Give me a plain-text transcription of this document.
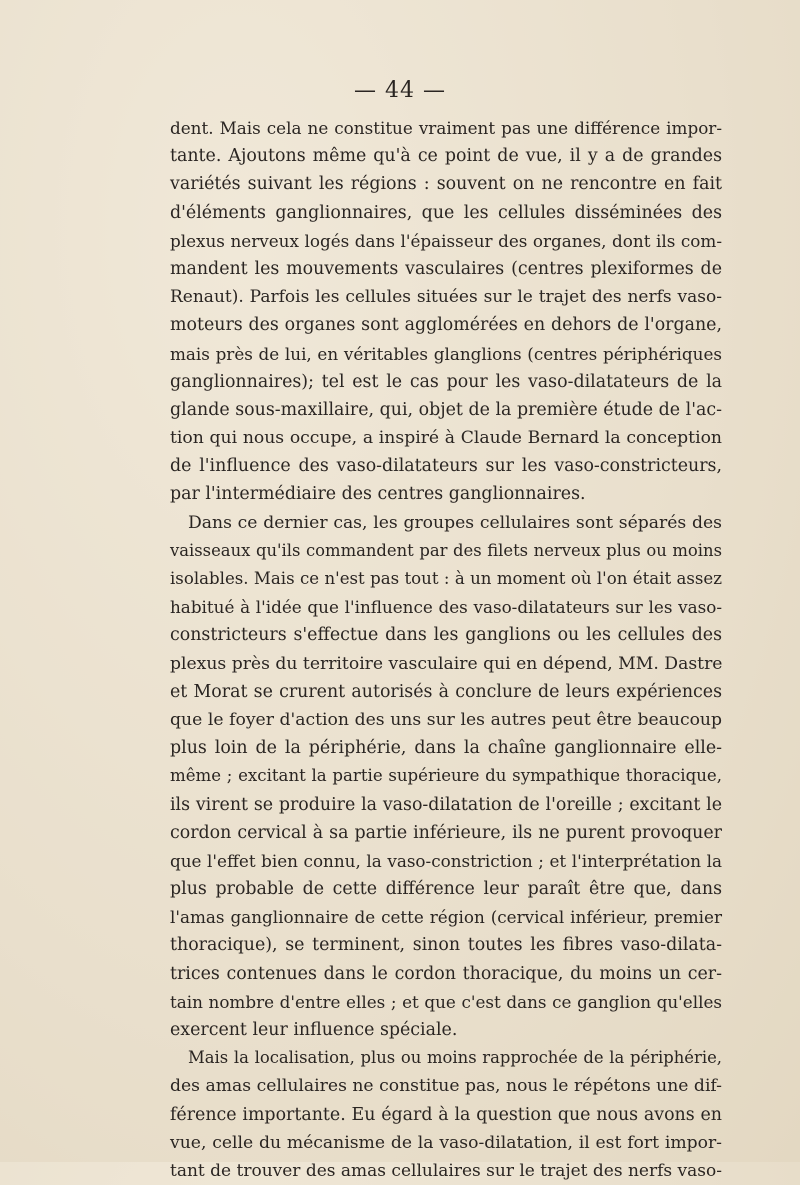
— 44 —
dent. Mais cela ne constitue vraiment pas une différence impor-
tante. Ajoutons même qu'à ce point de vue, il y a de grandes
variétés suivant les régions : souvent on ne rencontre en fait
d'éléments ganglionnaires, que les cellules disséminées des
plexus nerveux logés dans l'épaisseur des organes, dont ils com-
mandent les mouvements vasculaires (centres plexiformes de
Renaut). Parfois les cellules situées sur le trajet des nerfs vaso-
moteurs des organes sont agglomérées en dehors de l'organe,
mais près de lui, en véritables glanglions (centres périphériques
ganglionnaires); tel est le cas pour les vaso-dilatateurs de la
glande sous-maxillaire, qui, objet de la première étude de l'ac-
tion qui nous occupe, a inspiré à Claude Bernard la conception
de l'influence des vaso-dilatateurs sur les vaso-constricteurs,
par l'intermédiaire des centres ganglionnaires.
Dans ce dernier cas, les groupes cellulaires sont séparés des
vaisseaux qu'ils commandent par des filets nerveux plus ou moins
isolables. Mais ce n'est pas tout : à un moment où l'on était assez
habitué à l'idée que l'influence des vaso-dilatateurs sur les vaso-
constricteurs s'effectue dans les ganglions ou les cellules des
plexus près du territoire vasculaire qui en dépend, MM. Dastre
et Morat se crurent autorisés à conclure de leurs expériences
que le foyer d'action des uns sur les autres peut être beaucoup
plus loin de la périphérie, dans la chaîne ganglionnaire elle-
même ; excitant la partie supérieure du sympathique thoracique,
ils virent se produire la vaso-dilatation de l'oreille ; excitant le
cordon cervical à sa partie inférieure, ils ne purent provoquer
que l'effet bien connu, la vaso-constriction ; et l'interprétation la
plus probable de cette différence leur paraît être que, dans
l'amas ganglionnaire de cette région (cervical inférieur, premier
thoracique), se terminent, sinon toutes les fibres vaso-dilata-
trices contenues dans le cordon thoracique, du moins un cer-
tain nombre d'entre elles ; et que c'est dans ce ganglion qu'elles
exercent leur influence spéciale.
Mais la localisation, plus ou moins rapprochée de la périphérie,
des amas cellulaires ne constitue pas, nous le répétons une dif-
férence importante. Eu égard à la question que nous avons en
vue, celle du mécanisme de la vaso-dilatation, il est fort impor-
tant de trouver des amas cellulaires sur le trajet des nerfs vaso-
